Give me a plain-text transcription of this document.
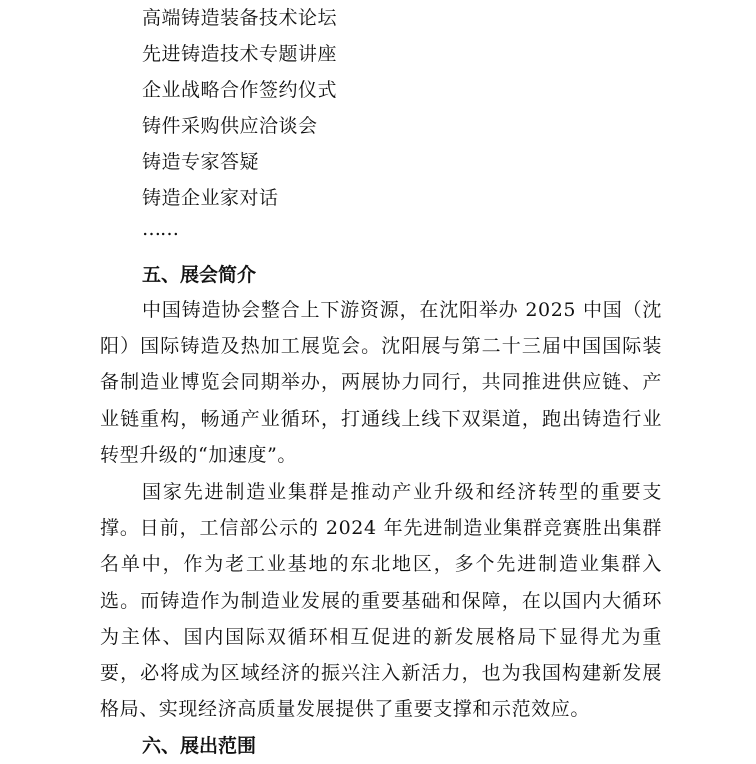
高端铸造装备技术论坛
先进铸造技术专题讲座
企业战略合作签约仪式
铸件采购供应洽谈会
铸造专家答疑
铸造企业家对话
……
五、展会简介

中国铸造协会整合上下游资源，在沈阳举办 2025 中国（沈阳）国际铸造及热加工展览会。沈阳展与第二十三届中国国际装备制造业博览会同期举办，两展协力同行，共同推进供应链、产业链重构，畅通产业循环，打通线上线下双渠道，跑出铸造行业转型升级的“加速度”。

国家先进制造业集群是推动产业升级和经济转型的重要支撑。日前，工信部公示的 2024 年先进制造业集群竞赛胜出集群名单中，作为老工业基地的东北地区，多个先进制造业集群入选。而铸造作为制造业发展的重要基础和保障，在以国内大循环为主体、国内国际双循环相互促进的新发展格局下显得尤为重要，必将成为区域经济的振兴注入新活力，也为我国构建新发展格局、实现经济高质量发展提供了重要支撑和示范效应。

六、展出范围
